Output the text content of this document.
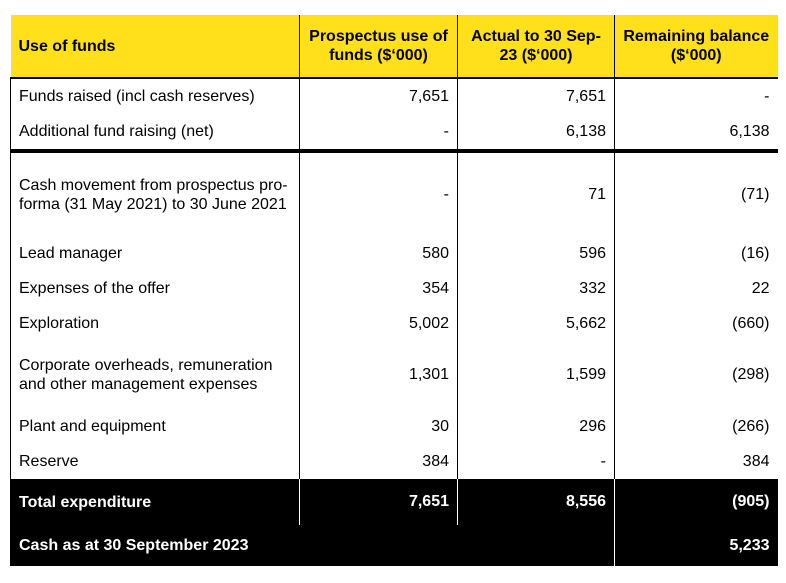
Use of funds	Prospectus use of funds ($‘000)	Actual to 30 Sep-23 ($‘000)	Remaining balance ($‘000)
Funds raised (incl cash reserves)	7,651	7,651	-
Additional fund raising (net)	-	6,138	6,138
Cash movement from prospectus pro-forma (31 May 2021) to 30 June 2021	-	71	(71)
Lead manager	580	596	(16)
Expenses of the offer	354	332	22
Exploration	5,002	5,662	(660)
Corporate overheads, remuneration and other management expenses	1,301	1,599	(298)
Plant and equipment	30	296	(266)
Reserve	384	-	384
Total expenditure	7,651	8,556	(905)
Cash as at 30 September 2023			5,233
